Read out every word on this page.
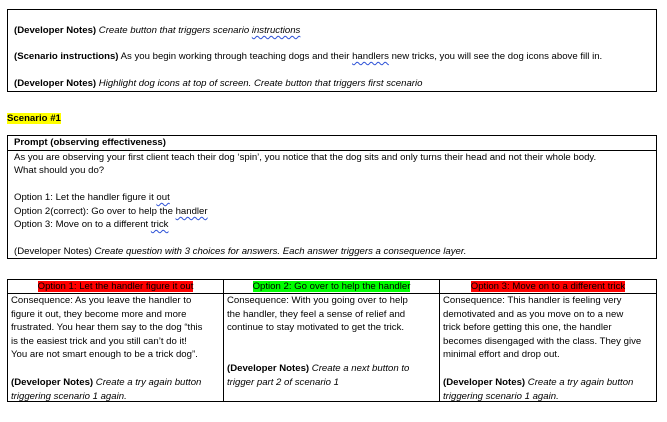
(Developer Notes) Create button that triggers scenario instructions
(Scenario instructions) As you begin working through teaching dogs and their handlers new tricks, you will see the dog icons above fill in.
(Developer Notes) Highlight dog icons at top of screen. Create button that triggers first scenario
Scenario #1
Prompt (observing effectiveness)
As you are observing your first client teach their dog ‘spin’, you notice that the dog sits and only turns their head and not their whole body.
What should you do?
Option 1: Let the handler figure it out
Option 2(correct): Go over to help the handler
Option 3: Move on to a different trick
(Developer Notes) Create question with 3 choices for answers. Each answer triggers a consequence layer.
Option 1: Let the handler figure it out
Consequence: As you leave the handler to
figure it out, they become more and more
frustrated. You hear them say to the dog “this
is the easiest trick and you still can’t do it!
You are not smart enough to be a trick dog”.
(Developer Notes) Create a try again button
triggering scenario 1 again.
Option 2: Go over to help the handler
Consequence: With you going over to help
the handler, they feel a sense of relief and
continue to stay motivated to get the trick.
(Developer Notes) Create a next button to
trigger part 2 of scenario 1
Option 3: Move on to a different trick
Consequence: This handler is feeling very
demotivated and as you move on to a new
trick before getting this one, the handler
becomes disengaged with the class. They give
minimal effort and drop out.
(Developer Notes) Create a try again button
triggering scenario 1 again.
